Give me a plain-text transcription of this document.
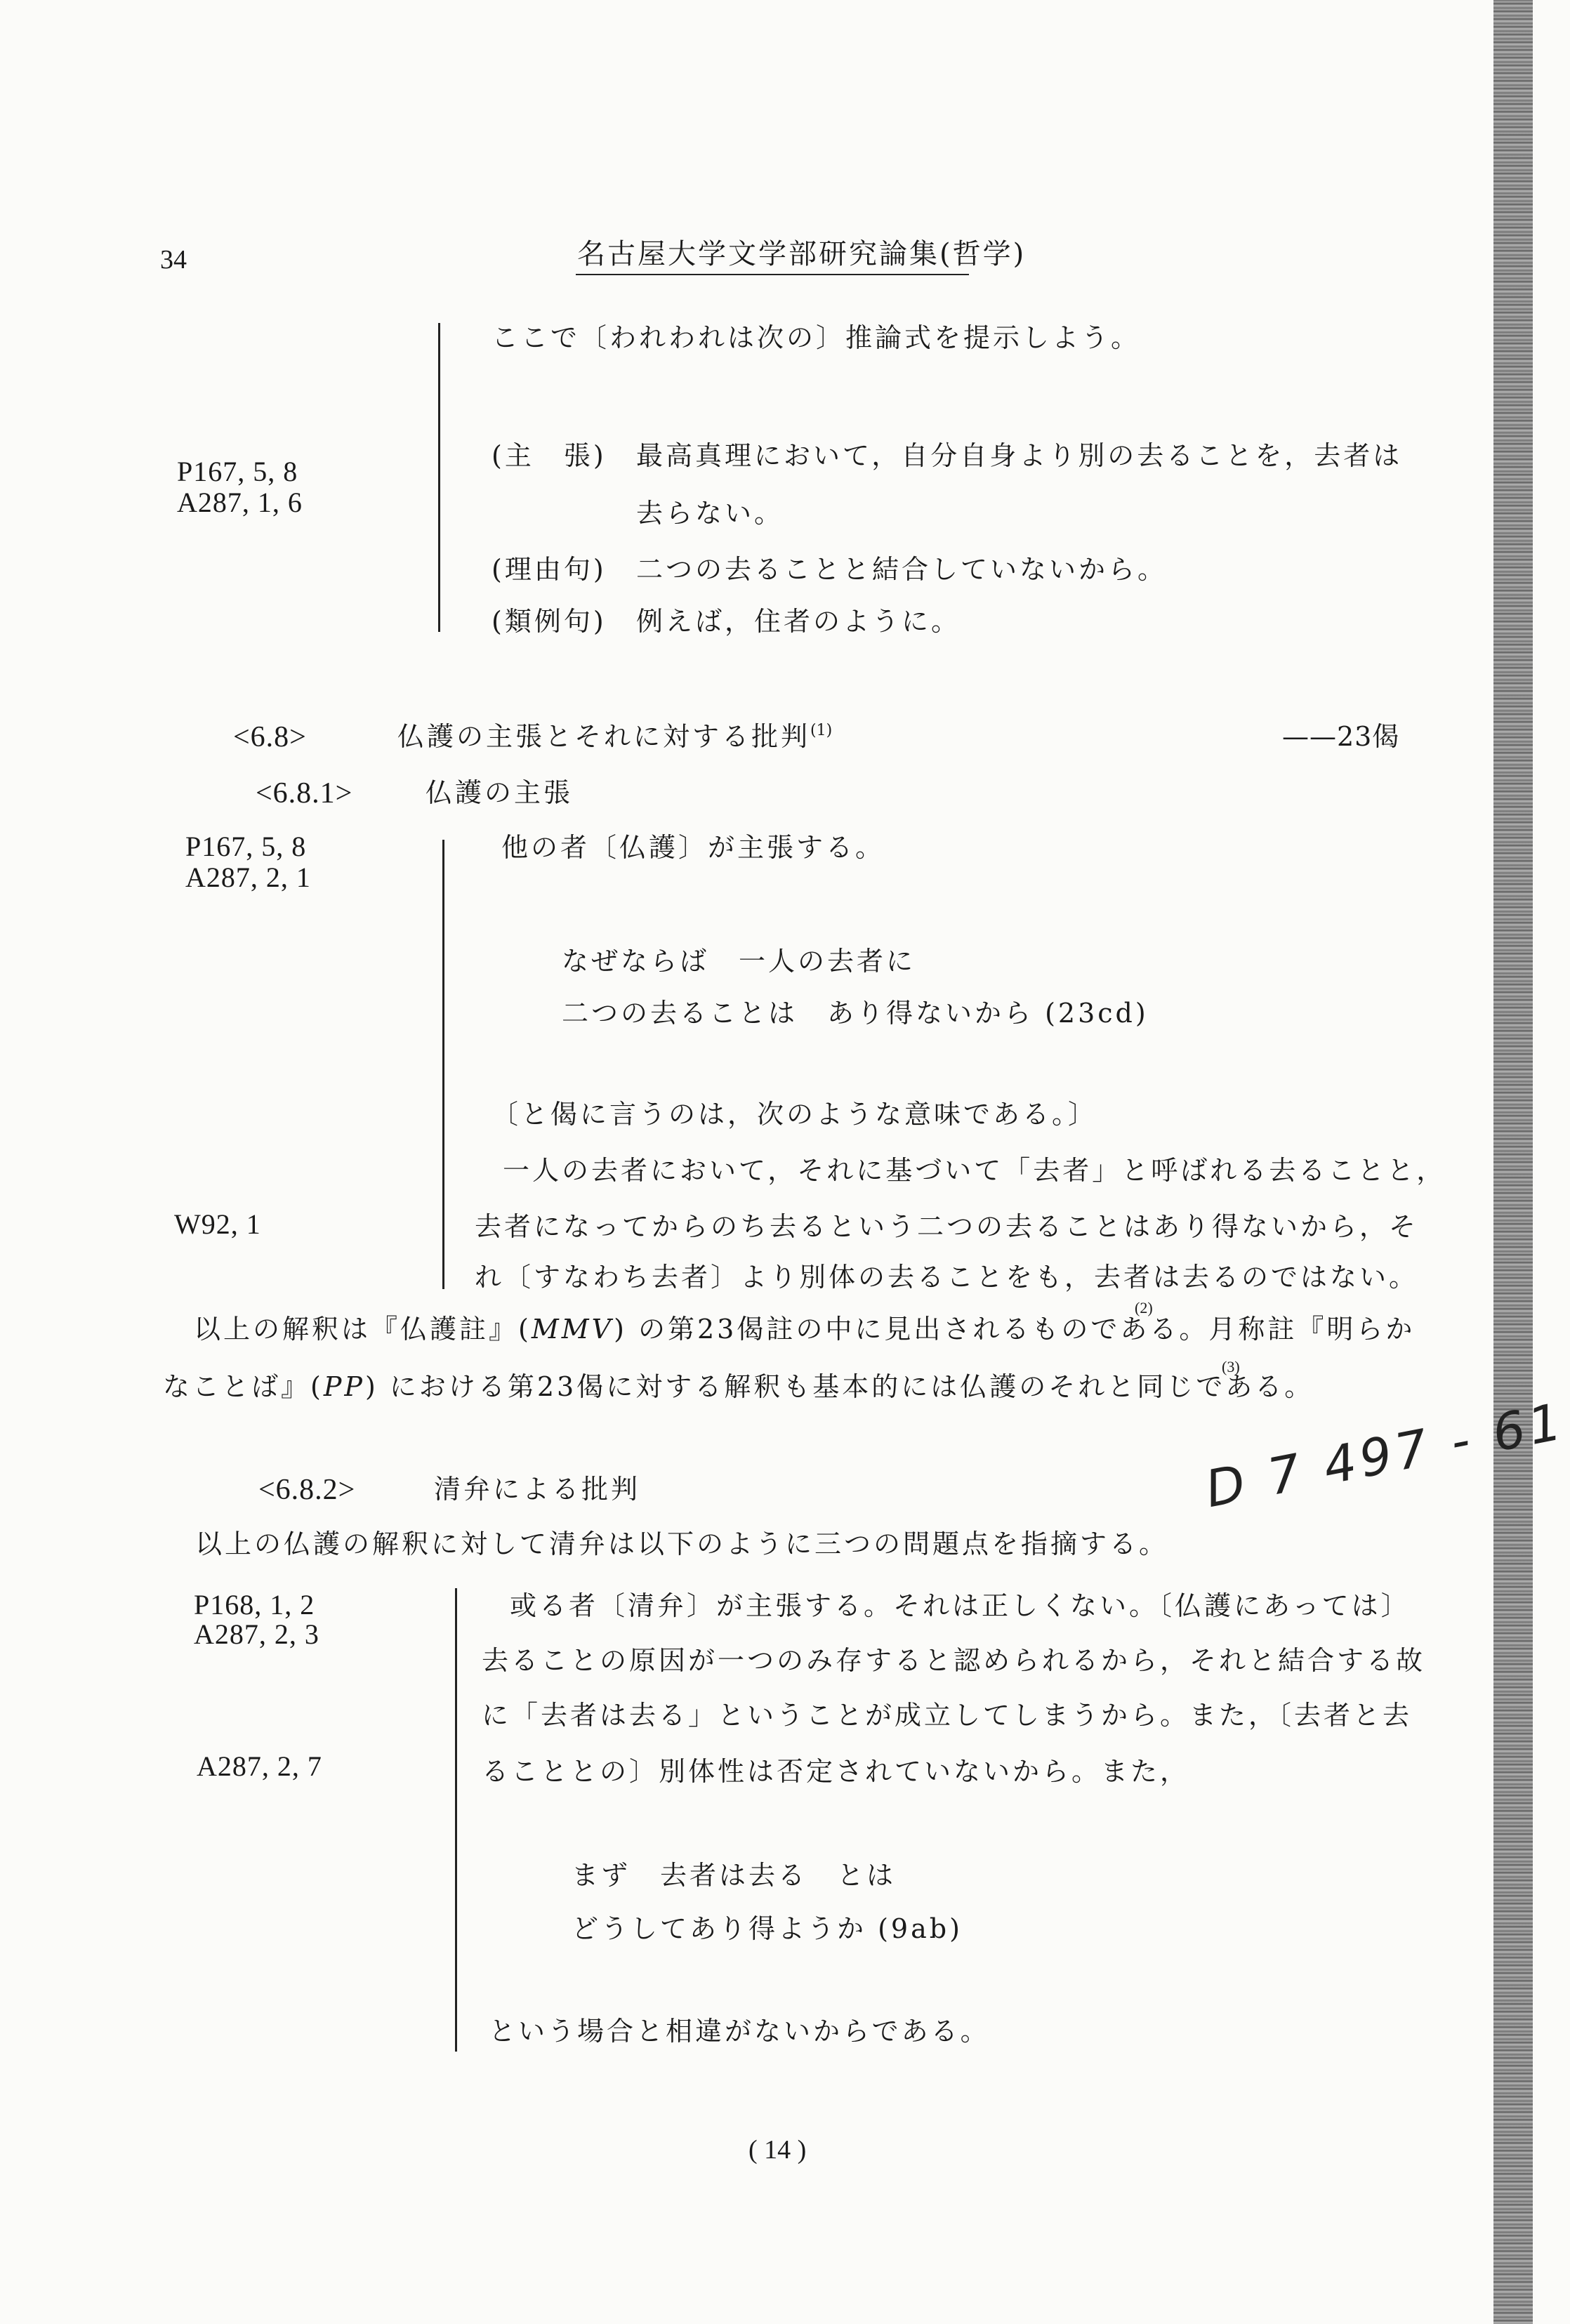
34	名古屋大学文学部研究論集(哲学)
ここで〔われわれは次の〕推論式を提示しよう。
P167, 5, 8
A287, 1, 6
(主　張) 最高真理において，自分自身より別の去ることを，去者は
去らない。
(理由句) 二つの去ることと結合していないから。
(類例句) 例えば，住者のように。
<6.8>	仏護の主張とそれに対する批判$^{(1)}$	——23偈
<6.8.1>	仏護の主張
P167, 5, 8
A287, 2, 1
他の者〔仏護〕が主張する。
なぜならば　一人の去者に
二つの去ることは　あり得ないから (23cd)
〔と偈に言うのは，次のような意味である。〕
一人の去者において，それに基づいて「去者」と呼ばれる去ることと，
去者になってからのち去るという二つの去ることはあり得ないから，そ
れ〔すなわち去者〕より別体の去ることをも，去者は去るのではない。
W92, 1
以上の解釈は『仏護註』(MMV) の第23偈註の中に見出されるものである。月称註『明らか
(2)
なことば』(PP) における第23偈に対する解釈も基本的には仏護のそれと同じである。
(3)
<6.8.2>	清弁による批判	D 7 497 - 61
以上の仏護の解釈に対して清弁は以下のように三つの問題点を指摘する。
P168, 1, 2
A287, 2, 3
A287, 2, 7
或る者〔清弁〕が主張する。それは正しくない。〔仏護にあっては〕
去ることの原因が一つのみ存すると認められるから，それと結合する故
に「去者は去る」ということが成立してしまうから。また，〔去者と去
ることとの〕別体性は否定されていないから。また，
まず　去者は去る　とは
どうしてあり得ようか (9ab)
という場合と相違がないからである。
( 14 )
